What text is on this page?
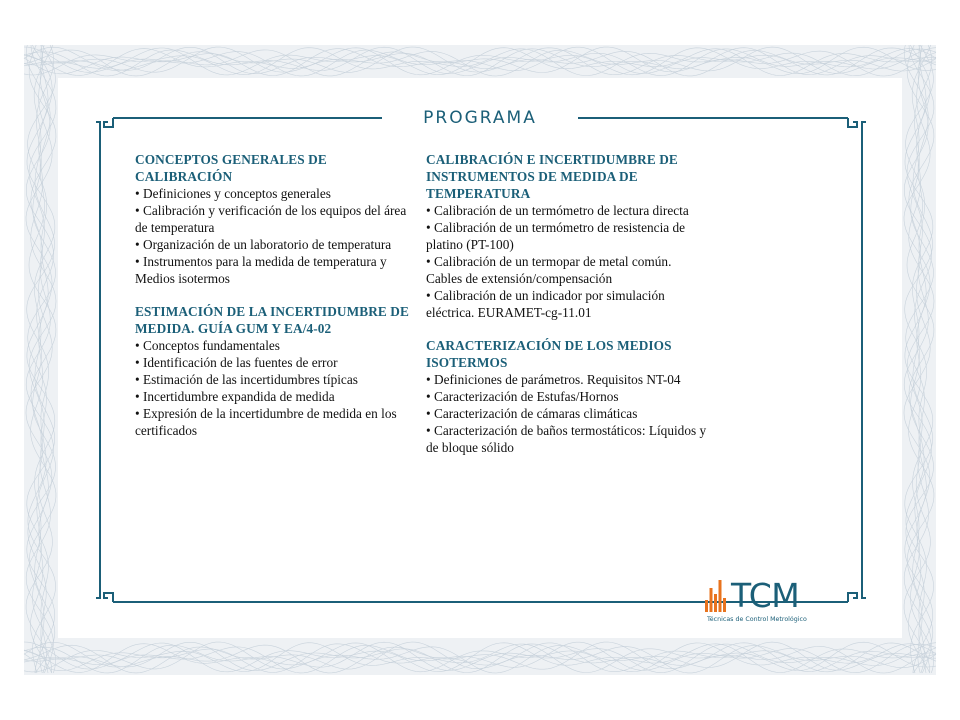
PROGRAMA

CONCEPTOS GENERALES DE CALIBRACIÓN

• Definiciones y conceptos generales

• Calibración y verificación de los equipos del área de temperatura

• Organización de un laboratorio de temperatura

• Instrumentos para la medida de temperatura y Medios isotermos

ESTIMACIÓN DE LA INCERTIDUMBRE DE MEDIDA. GUÍA GUM Y EA/4-02

• Conceptos fundamentales

• Identificación de las fuentes de error

• Estimación de las incertidumbres típicas

• Incertidumbre expandida de medida

• Expresión de la incertidumbre de medida en los certificados

CALIBRACIÓN E INCERTIDUMBRE DE INSTRUMENTOS DE MEDIDA DE TEMPERATURA

• Calibración de un termómetro de lectura directa

• Calibración de un termómetro de resistencia de platino (PT-100)

• Calibración de un termopar de metal común. Cables de extensión/compensación

• Calibración de un indicador por simulación eléctrica. EURAMET-cg-11.01

CARACTERIZACIÓN DE LOS MEDIOS ISOTERMOS

• Definiciones de parámetros. Requisitos NT-04

• Caracterización de Estufas/Hornos

• Caracterización de cámaras climáticas

• Caracterización de baños termostáticos: Líquidos y de bloque sólido

TCM
Técnicas de Control Metrológico
